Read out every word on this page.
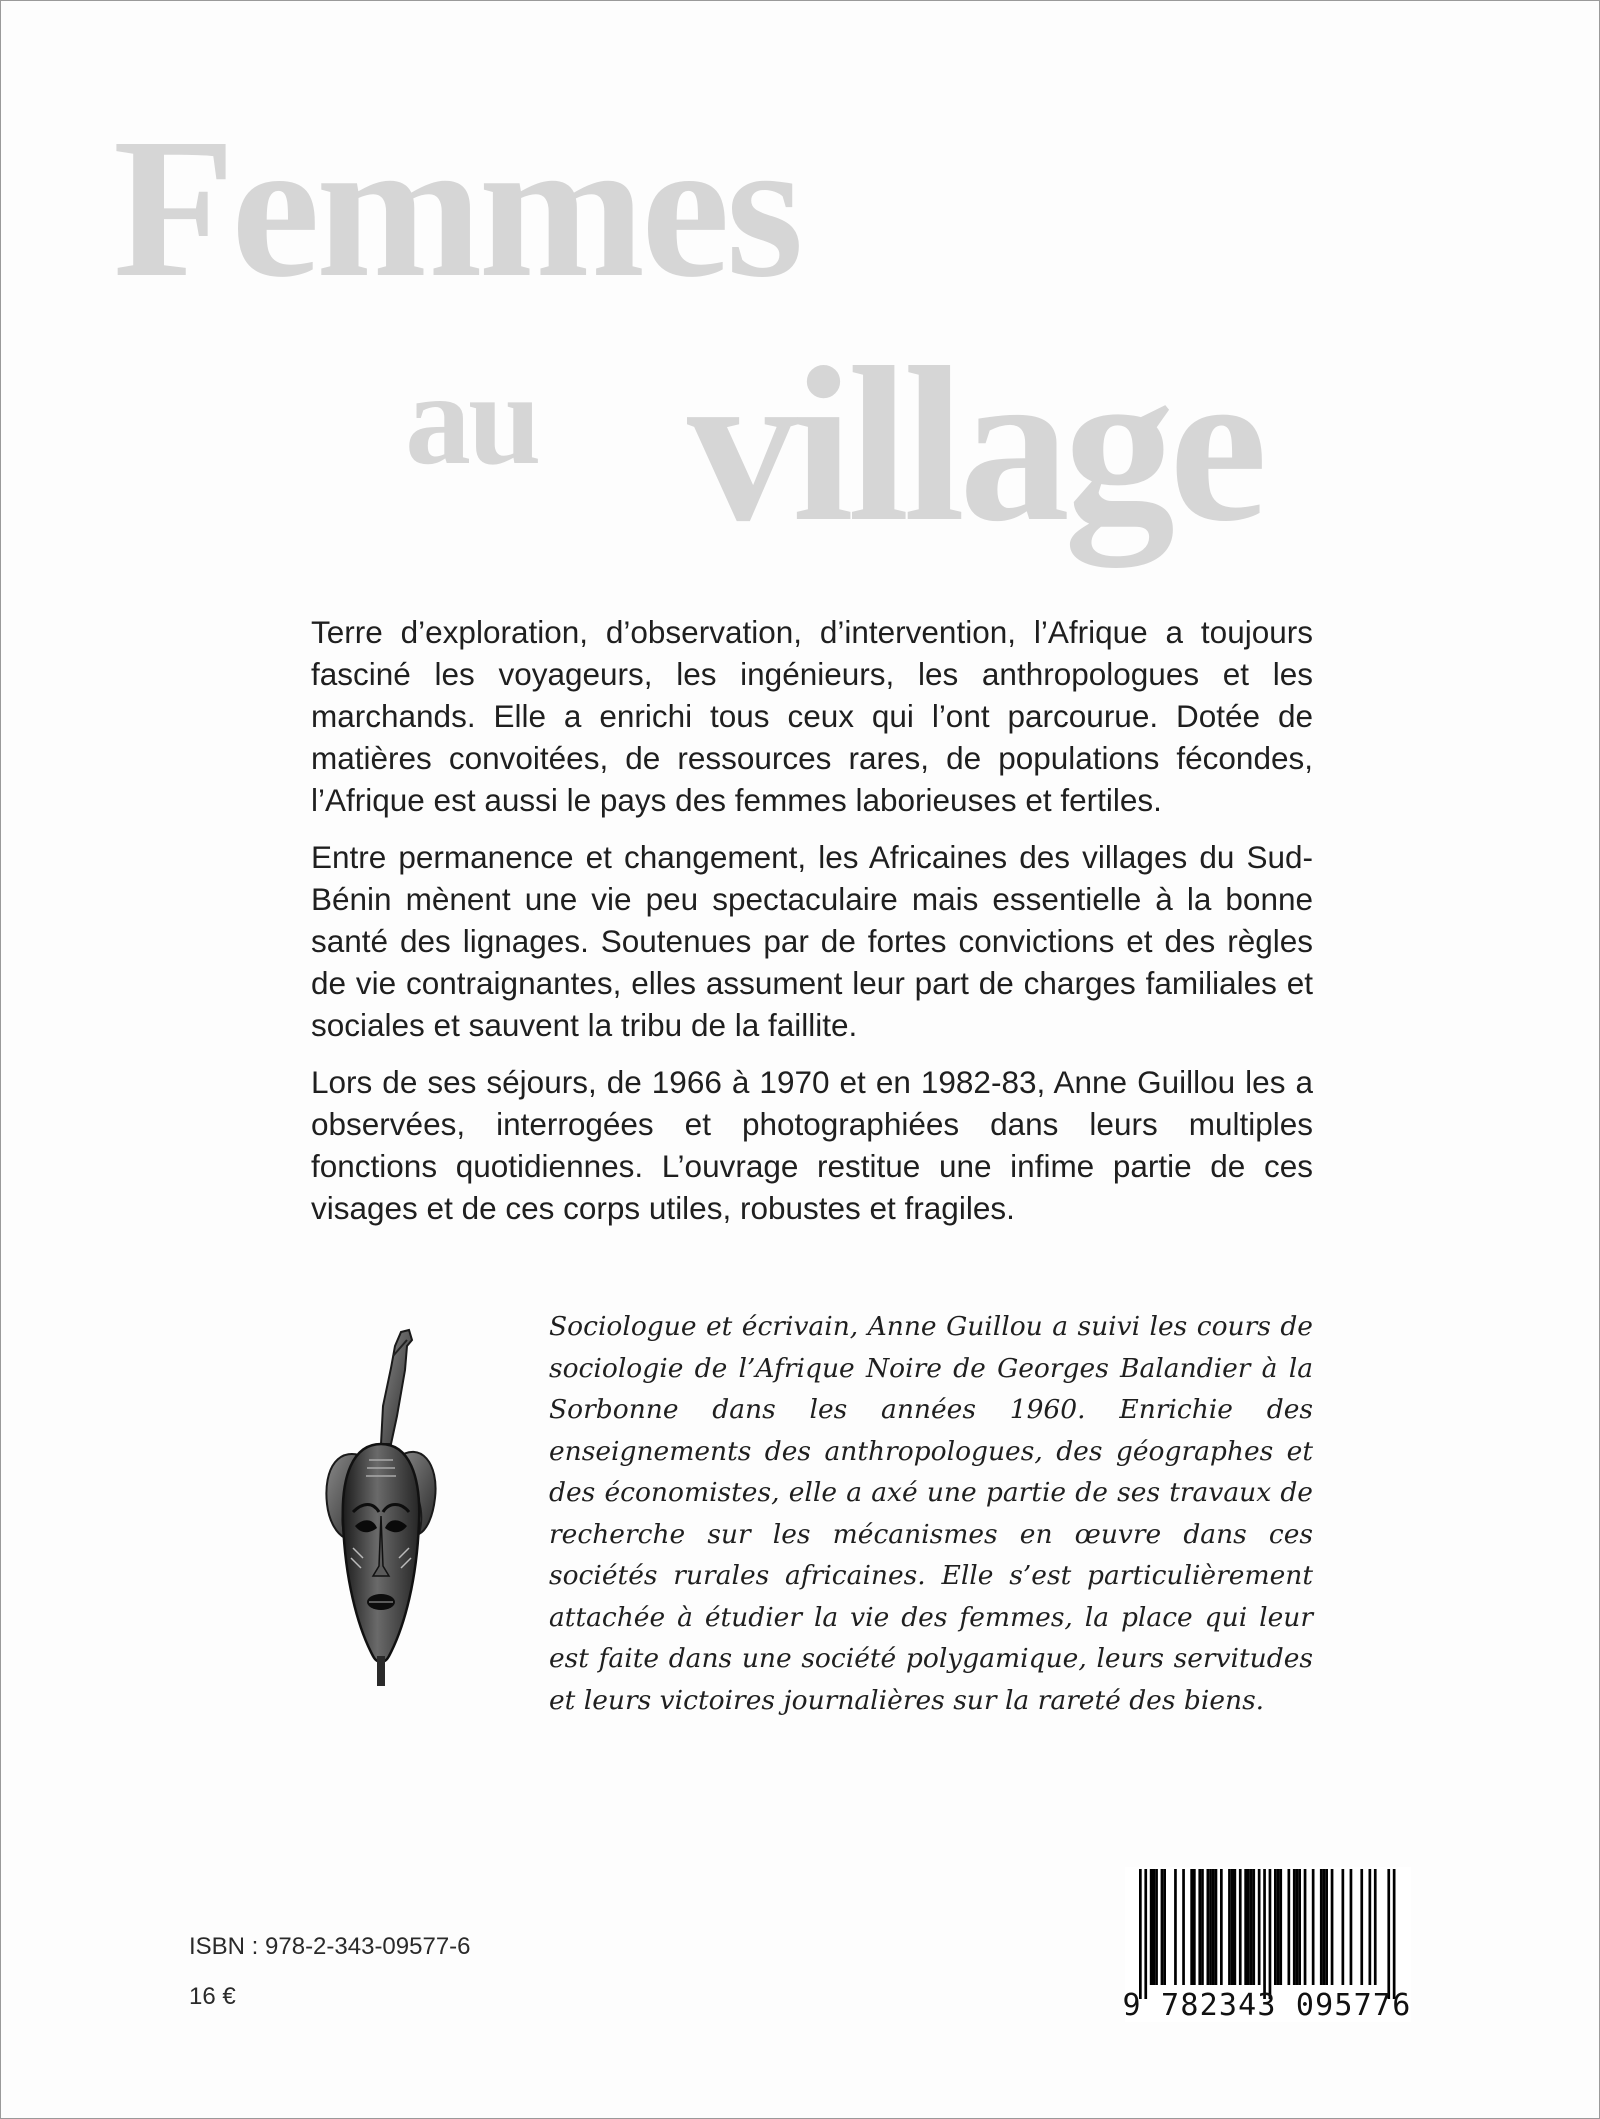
Femmes
au village

Terre d’exploration, d’observation, d’intervention, l’Afrique a toujours fasciné les voyageurs, les ingénieurs, les anthropologues et les marchands. Elle a enrichi tous ceux qui l’ont parcourue. Dotée de matières convoitées, de ressources rares, de populations fécondes, l’Afrique est aussi le pays des femmes laborieuses et fertiles.

Entre permanence et changement, les Africaines des villages du Sud-Bénin mènent une vie peu spectaculaire mais essentielle à la bonne santé des lignages. Soutenues par de fortes convictions et des règles de vie contraignantes, elles assument leur part de charges familiales et sociales et sauvent la tribu de la faillite.

Lors de ses séjours, de 1966 à 1970 et en 1982-83, Anne Guillou les a observées, interrogées et photographiées dans leurs multiples fonctions quotidiennes. L’ouvrage restitue une infime partie de ces visages et de ces corps utiles, robustes et fragiles.

Sociologue et écrivain, Anne Guillou a suivi les cours de sociologie de l’Afrique Noire de Georges Balandier à la Sorbonne dans les années 1960. Enrichie des enseignements des anthropologues, des géographes et des économistes, elle a axé une partie de ses travaux de recherche sur les mécanismes en œuvre dans ces sociétés rurales africaines. Elle s’est particulièrement attachée à étudier la vie des femmes, la place qui leur est faite dans une société polygamique, leurs servitudes et leurs victoires journalières sur la rareté des biens.

ISBN : 978-2-343-09577-6
16 €	9 782343 095776
